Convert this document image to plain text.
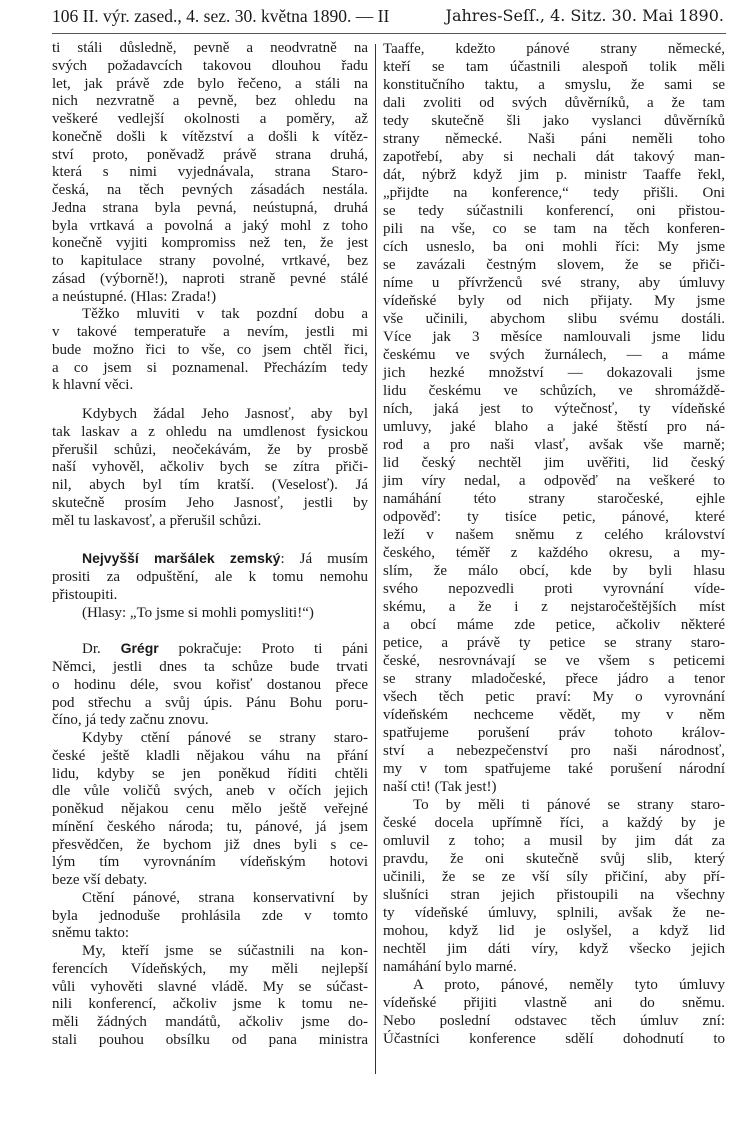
106 II. výr. zased., 4. sez. 30. května 1890. — II	Jahres-Seſſ., 4. Sitz. 30. Mai 1890.
ti stáli důsledně, pevně a neodvratně na
svých požadavcích takovou dlouhou řadu
let, jak právě zde bylo řečeno, a stáli na
nich nezvratně a pevně, bez ohledu na
veškeré vedlejší okolnosti a poměry, až
konečně došli k vítězství a došli k vítěz-
ství proto, poněvadž právě strana druhá,
která s nimi vyjednávala, strana Staro-
česká, na těch pevných zásadách nestála.
Jedna strana byla pevná, neústupná, druhá
byla vrtkavá a povolná a jaký mohl z toho
konečně vyjiti kompromiss než ten, že jest
to kapitulace strany povolné, vrtkavé, bez
zásad (výborně!), naproti straně pevné stálé
a neústupné. (Hlas: Zrada!)
Těžko mluviti v tak pozdní dobu a
v takové temperatuře a nevím, jestli mi
bude možno řici to vše, co jsem chtěl řici,
a co jsem si poznamenal. Přecházím tedy
k hlavní věci.
Kdybych žádal Jeho Jasnosť, aby byl
tak laskav a z ohledu na umdlenost fysickou
přerušil schůzi, neočekávám, že by prosbě
naší vyhověl, ačkoliv bych se zítra přiči-
nil, abych byl tím kratší. (Veselosť). Já
skutečně prosím Jeho Jasnosť, jestli by
měl tu laskavosť, a přerušil schůzi.
Nejvyšší maršálek zemský: Já musím
prositi za odpuštění, ale k tomu nemohu
přistoupiti.
(Hlasy: „To jsme si mohli pomysliti!“)
Dr. Grégr pokračuje: Proto ti páni
Němci, jestli dnes ta schůze bude trvati
o hodinu déle, svou kořisť dostanou přece
pod střechu a svůj úpis. Pánu Bohu poru-
číno, já tedy začnu znovu.
Kdyby ctění pánové se strany staro-
české ještě kladli nějakou váhu na přání
lidu, kdyby se jen poněkud říditi chtěli
dle vůle voličů svých, aneb v očích jejich
poněkud nějakou cenu mělo ještě veřejné
mínění českého národa; tu, pánové, já jsem
přesvědčen, že bychom již dnes byli s ce-
lým tím vyrovnáním vídeňským hotovi
beze vší debaty.
Ctění pánové, strana konservativní by
byla jednoduše prohlásila zde v tomto
sněmu takto:
My, kteří jsme se súčastnili na kon-
ferencích Vídeňských, my měli nejlepší
vůli vyhověti slavné vládě. My se súčast-
nili konferencí, ačkoliv jsme k tomu ne-
měli žádných mandátů, ačkoliv jsme do-
stali pouhou obsílku od pana ministra
Taaffe, kdežto pánové strany německé,
kteří se tam účastnili alespoň tolik měli
konstitučního taktu, a smyslu, že sami se
dali zvoliti od svých důvěrníků, a že tam
tedy skutečně šli jako vyslanci důvěrníků
strany německé. Naši páni neměli toho
zapotřebí, aby si nechali dát takový man-
dát, nýbrž když jim p. ministr Taaffe řekl,
„přijdte na konference,“ tedy přišli. Oni
se tedy súčastnili konferencí, oni přistou-
pili na vše, co se tam na těch konferen-
cích usneslo, ba oni mohli říci: My jsme
se zavázali čestným slovem, že se přiči-
níme u přívrženců své strany, aby úmluvy
vídeňské byly od nich přijaty. My jsme
vše učinili, abychom slibu svému dostáli.
Více jak 3 měsíce namlouvali jsme lidu
českému ve svých žurnálech, — a máme
jich hezké množství — dokazovali jsme
lidu českému ve schůzích, ve shromáždě-
ních, jaká jest to výtečnosť, ty vídeňské
umluvy, jaké blaho a jaké štěstí pro ná-
rod a pro naši vlasť, avšak vše marně;
lid český nechtěl jim uvěřiti, lid český
jim víry nedal, a odpověď na veškeré to
namáhání této strany staročeské, ejhle
odpověď: ty tisíce petic, pánové, které
leží v našem sněmu z celého království
českého, téměř z každého okresu, a my-
slím, že málo obcí, kde by byli hlasu
svého nepozvedli proti vyrovnání víde-
skému, a že i z nejstaročeštějších míst
a obcí máme zde petice, ačkoliv některé
petice, a právě ty petice se strany staro-
české, nesrovnávají se ve všem s peticemi
se strany mladočeské, přece jádro a tenor
všech těch petic praví: My o vyrovnání
vídeňském nechceme vědět, my v něm
spatřujeme porušení práv tohoto králov-
ství a nebezpečenství pro naši národnosť,
my v tom spatřujeme také porušení národní
naší cti! (Tak jest!)
To by měli ti pánové se strany staro-
české docela upřímně říci, a každý by je
omluvil z toho; a musil by jim dát za
pravdu, že oni skutečně svůj slib, který
učinili, že se ze vší síly přičiní, aby pří-
slušníci stran jejich přistoupili na všechny
ty vídeňské úmluvy, splnili, avšak že ne-
mohou, když lid je oslyšel, a když lid
nechtěl jim dáti víry, když všecko jejich
namáhání bylo marné.
A proto, pánové, neměly tyto úmluvy
vídeňské přijiti vlastně ani do sněmu.
Nebo poslední odstavec těch úmluv zní:
Účastníci konference sdělí dohodnutí to
